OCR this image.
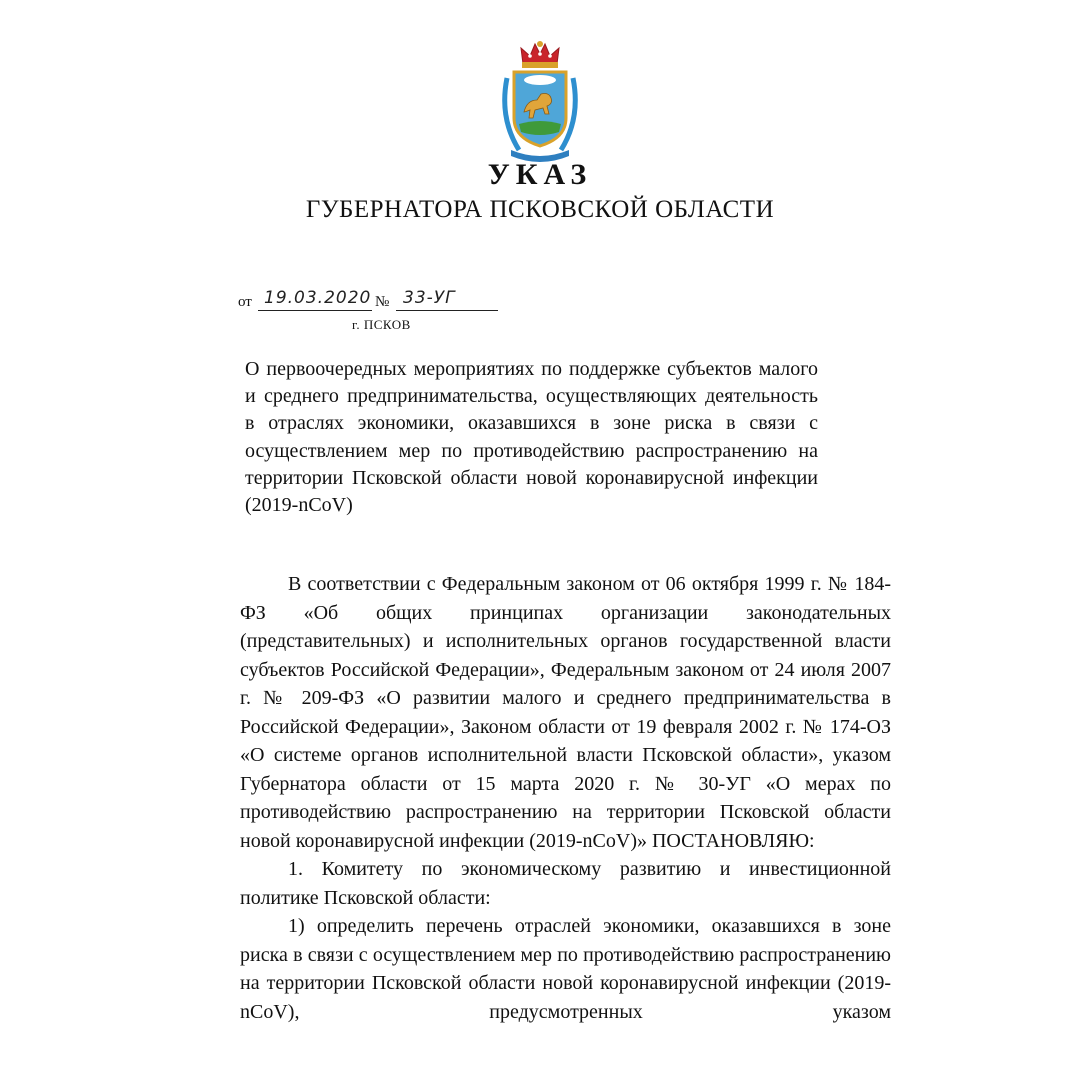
УКАЗ
ГУБЕРНАТОРА ПСКОВСКОЙ ОБЛАСТИ
от 19.03.2020 № 33-УГ
г. ПСКОВ
О первоочередных мероприятиях по поддержке субъектов малого и среднего предпринимательства, осуществляющих деятельность в отраслях экономики, оказавшихся в зоне риска в связи с осуществлением мер по противодействию распространению на территории Псковской области новой коронавирусной инфекции (2019-nCoV)

В соответствии с Федеральным законом от 06 октября 1999 г. № 184-ФЗ «Об общих принципах организации законодательных (представительных) и исполнительных органов государственной власти субъектов Российской Федерации», Федеральным законом от 24 июля 2007 г. № 209-ФЗ «О развитии малого и среднего предпринимательства в Российской Федерации», Законом области от 19 февраля 2002 г. № 174-ОЗ «О системе органов исполнительной власти Псковской области», указом Губернатора области от 15 марта 2020 г. № 30-УГ «О мерах по противодействию распространению на территории Псковской области новой коронавирусной инфекции (2019-nCoV)» ПОСТАНОВЛЯЮ:

1. Комитету по экономическому развитию и инвестиционной политике Псковской области:

1) определить перечень отраслей экономики, оказавшихся в зоне риска в связи с осуществлением мер по противодействию распространению на территории Псковской области новой коронавирусной инфекции (2019-nCoV), предусмотренных указом
